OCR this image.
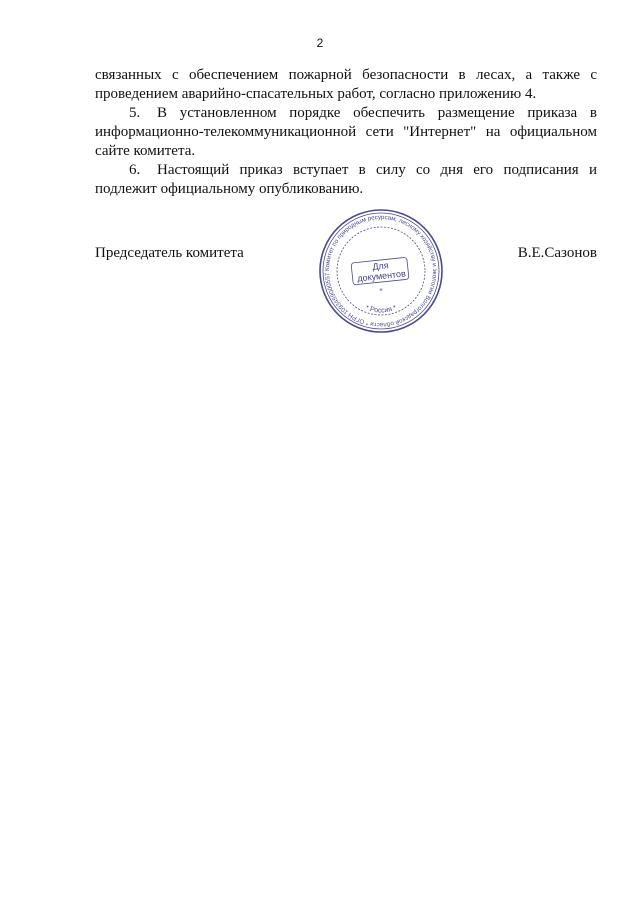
2

связанных с обеспечением пожарной безопасности в лесах, а также с проведением аварийно-спасательных работ, согласно приложению 4.

5. В установленном порядке обеспечить размещение приказа в информационно-телекоммуникационной сети "Интернет" на официальном сайте комитета.

6. Настоящий приказ вступает в силу со дня его подписания и подлежит официальному опубликованию.

Председатель комитета	В.Е.Сазонов
Комитет по природным ресурсам, лесному хозяйству и экологии Волгоградской области * ОГРН 1093459000557
* Россия *
Для
документов
*
